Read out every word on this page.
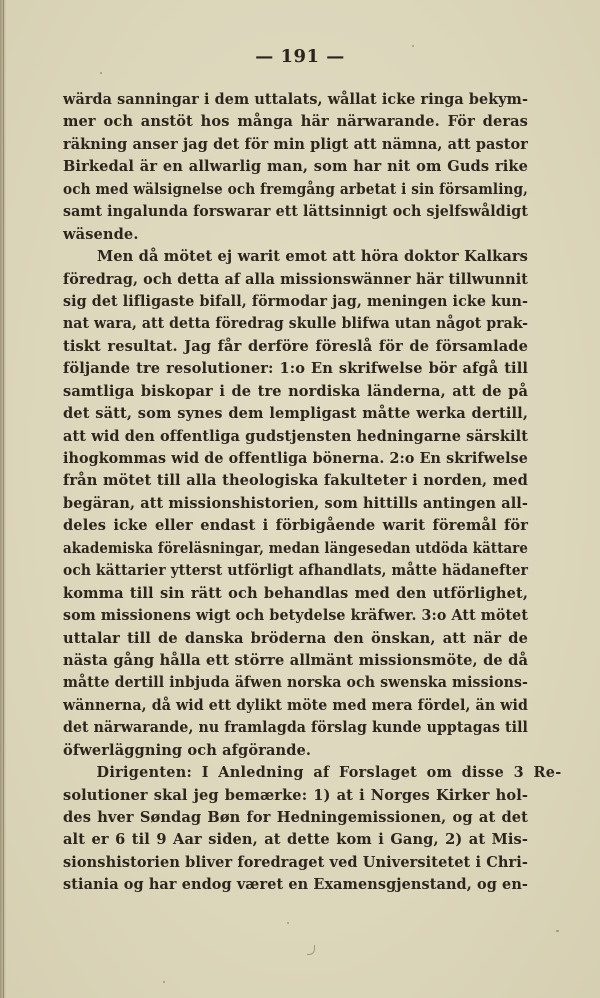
— 191 —
wärda sanningar i dem uttalats, wållat icke ringa bekym-
mer och anstöt hos många här närwarande. För deras
räkning anser jag det för min pligt att nämna, att pastor
Birkedal är en allwarlig man, som har nit om Guds rike
och med wälsignelse och fremgång arbetat i sin församling,
samt ingalunda forswarar ett lättsinnigt och sjelfswåldigt
wäsende.
Men då mötet ej warit emot att höra doktor Kalkars
föredrag, och detta af alla missionswänner här tillwunnit
sig det lifligaste bifall, förmodar jag, meningen icke kun-
nat wara, att detta föredrag skulle blifwa utan något prak-
tiskt resultat. Jag får derföre föreslå för de församlade
följande tre resolutioner: 1:o En skrifwelse bör afgå till
samtliga biskopar i de tre nordiska länderna, att de på
det sätt, som synes dem lempligast måtte werka dertill,
att wid den offentliga gudstjensten hedningarne särskilt
ihogkommas wid de offentliga bönerna. 2:o En skrifwelse
från mötet till alla theologiska fakulteter i norden, med
begäran, att missionshistorien, som hittills antingen all-
deles icke eller endast i förbigående warit föremål för
akademiska föreläsningar, medan längesedan utdöda kättare
och kättarier ytterst utförligt afhandlats, måtte hädanefter
komma till sin rätt och behandlas med den utförlighet,
som missionens wigt och betydelse kräfwer. 3:o Att mötet
uttalar till de danska bröderna den önskan, att när de
nästa gång hålla ett större allmänt missionsmöte, de då
måtte dertill inbjuda äfwen norska och swenska missions-
wännerna, då wid ett dylikt möte med mera fördel, än wid
det närwarande, nu framlagda förslag kunde upptagas till
öfwerläggning och afgörande.
Dirigenten: I Anledning af Forslaget om disse 3 Re-
solutioner skal jeg bemærke: 1) at i Norges Kirker hol-
des hver Søndag Bøn for Hedningemissionen, og at det
alt er 6 til 9 Aar siden, at dette kom i Gang, 2) at Mis-
sionshistorien bliver foredraget ved Universitetet i Chri-
stiania og har endog været en Examensgjenstand, og en-
